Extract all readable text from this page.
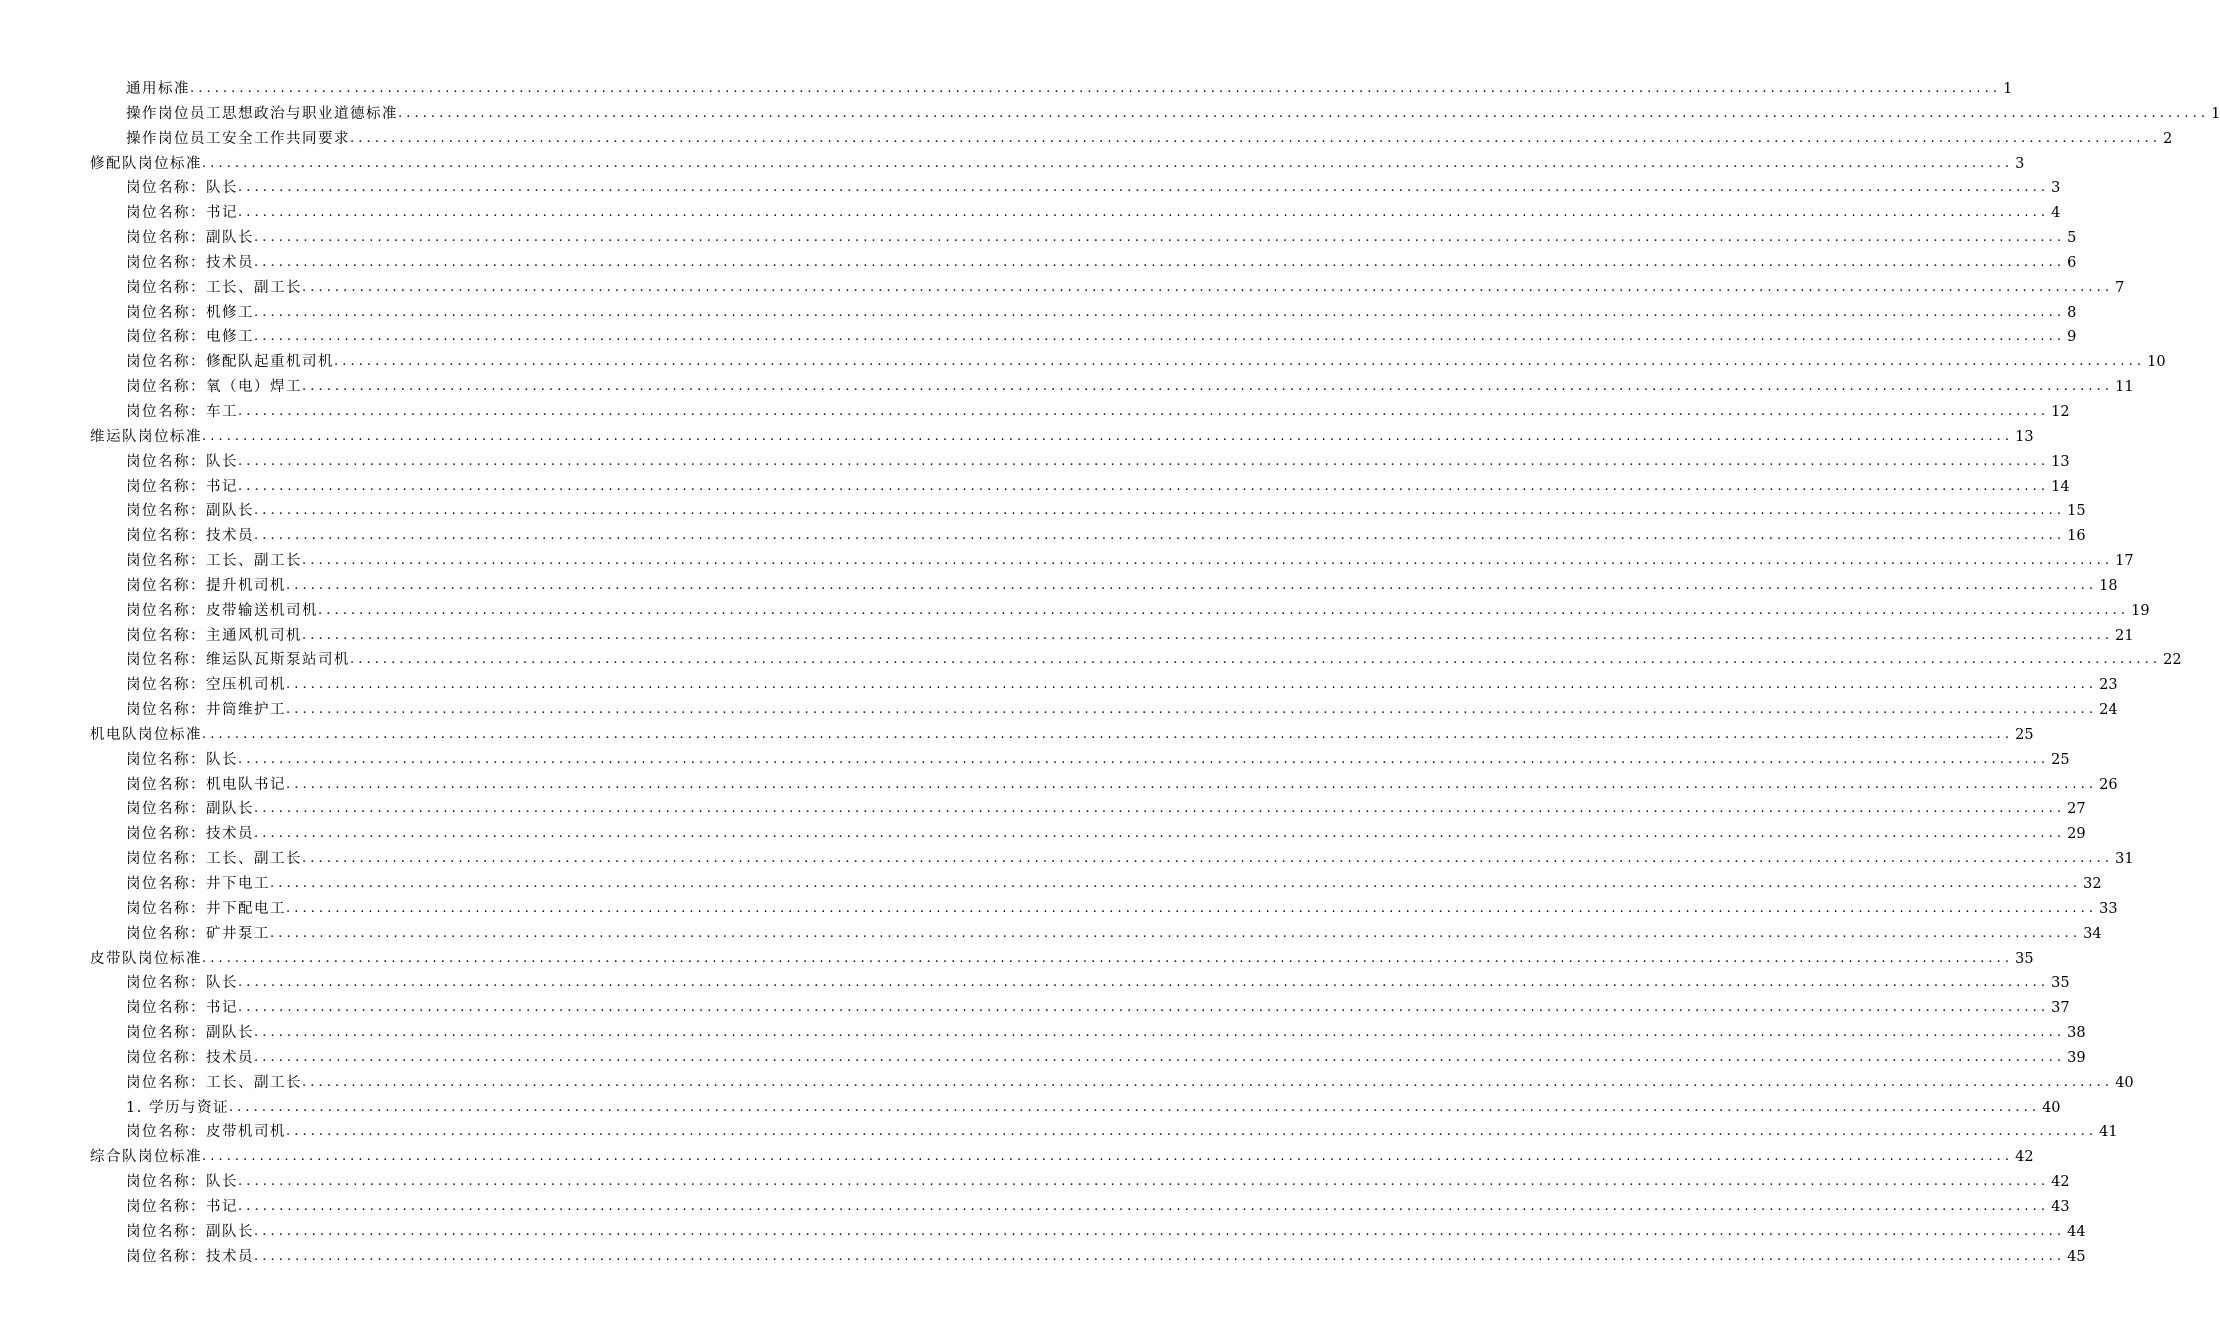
通用标准 ............................................................................................................................................................................................................................ 1
操作岗位员工思想政治与职业道德标准 ............................................................................................................................................................................................................................ 1
操作岗位员工安全工作共同要求 ............................................................................................................................................................................................................................ 2
修配队岗位标准 ............................................................................................................................................................................................................................ 3
岗位名称：队长 ............................................................................................................................................................................................................................ 3
岗位名称：书记 ............................................................................................................................................................................................................................ 4
岗位名称：副队长 ............................................................................................................................................................................................................................ 5
岗位名称：技术员 ............................................................................................................................................................................................................................ 6
岗位名称：工长、副工长 ............................................................................................................................................................................................................................ 7
岗位名称：机修工 ............................................................................................................................................................................................................................ 8
岗位名称：电修工 ............................................................................................................................................................................................................................ 9
岗位名称：修配队起重机司机 ............................................................................................................................................................................................................................ 10
岗位名称：氧（电）焊工 ............................................................................................................................................................................................................................ 11
岗位名称：车工 ............................................................................................................................................................................................................................ 12
维运队岗位标准 ............................................................................................................................................................................................................................ 13
岗位名称：队长 ............................................................................................................................................................................................................................ 13
岗位名称：书记 ............................................................................................................................................................................................................................ 14
岗位名称：副队长 ............................................................................................................................................................................................................................ 15
岗位名称：技术员 ............................................................................................................................................................................................................................ 16
岗位名称：工长、副工长 ............................................................................................................................................................................................................................ 17
岗位名称：提升机司机 ............................................................................................................................................................................................................................ 18
岗位名称：皮带输送机司机 ............................................................................................................................................................................................................................ 19
岗位名称：主通风机司机 ............................................................................................................................................................................................................................ 21
岗位名称：维运队瓦斯泵站司机 ............................................................................................................................................................................................................................ 22
岗位名称：空压机司机 ............................................................................................................................................................................................................................ 23
岗位名称：井筒维护工 ............................................................................................................................................................................................................................ 24
机电队岗位标准 ............................................................................................................................................................................................................................ 25
岗位名称：队长 ............................................................................................................................................................................................................................ 25
岗位名称：机电队书记 ............................................................................................................................................................................................................................ 26
岗位名称：副队长 ............................................................................................................................................................................................................................ 27
岗位名称：技术员 ............................................................................................................................................................................................................................ 29
岗位名称：工长、副工长 ............................................................................................................................................................................................................................ 31
岗位名称：井下电工 ............................................................................................................................................................................................................................ 32
岗位名称：井下配电工 ............................................................................................................................................................................................................................ 33
岗位名称：矿井泵工 ............................................................................................................................................................................................................................ 34
皮带队岗位标准 ............................................................................................................................................................................................................................ 35
岗位名称：队长 ............................................................................................................................................................................................................................ 35
岗位名称：书记 ............................................................................................................................................................................................................................ 37
岗位名称：副队长 ............................................................................................................................................................................................................................ 38
岗位名称：技术员 ............................................................................................................................................................................................................................ 39
岗位名称：工长、副工长 ............................................................................................................................................................................................................................ 40
1. 学历与资证 ............................................................................................................................................................................................................................ 40
岗位名称：皮带机司机 ............................................................................................................................................................................................................................ 41
综合队岗位标准 ............................................................................................................................................................................................................................ 42
岗位名称：队长 ............................................................................................................................................................................................................................ 42
岗位名称：书记 ............................................................................................................................................................................................................................ 43
岗位名称：副队长 ............................................................................................................................................................................................................................ 44
岗位名称：技术员 ............................................................................................................................................................................................................................ 45
